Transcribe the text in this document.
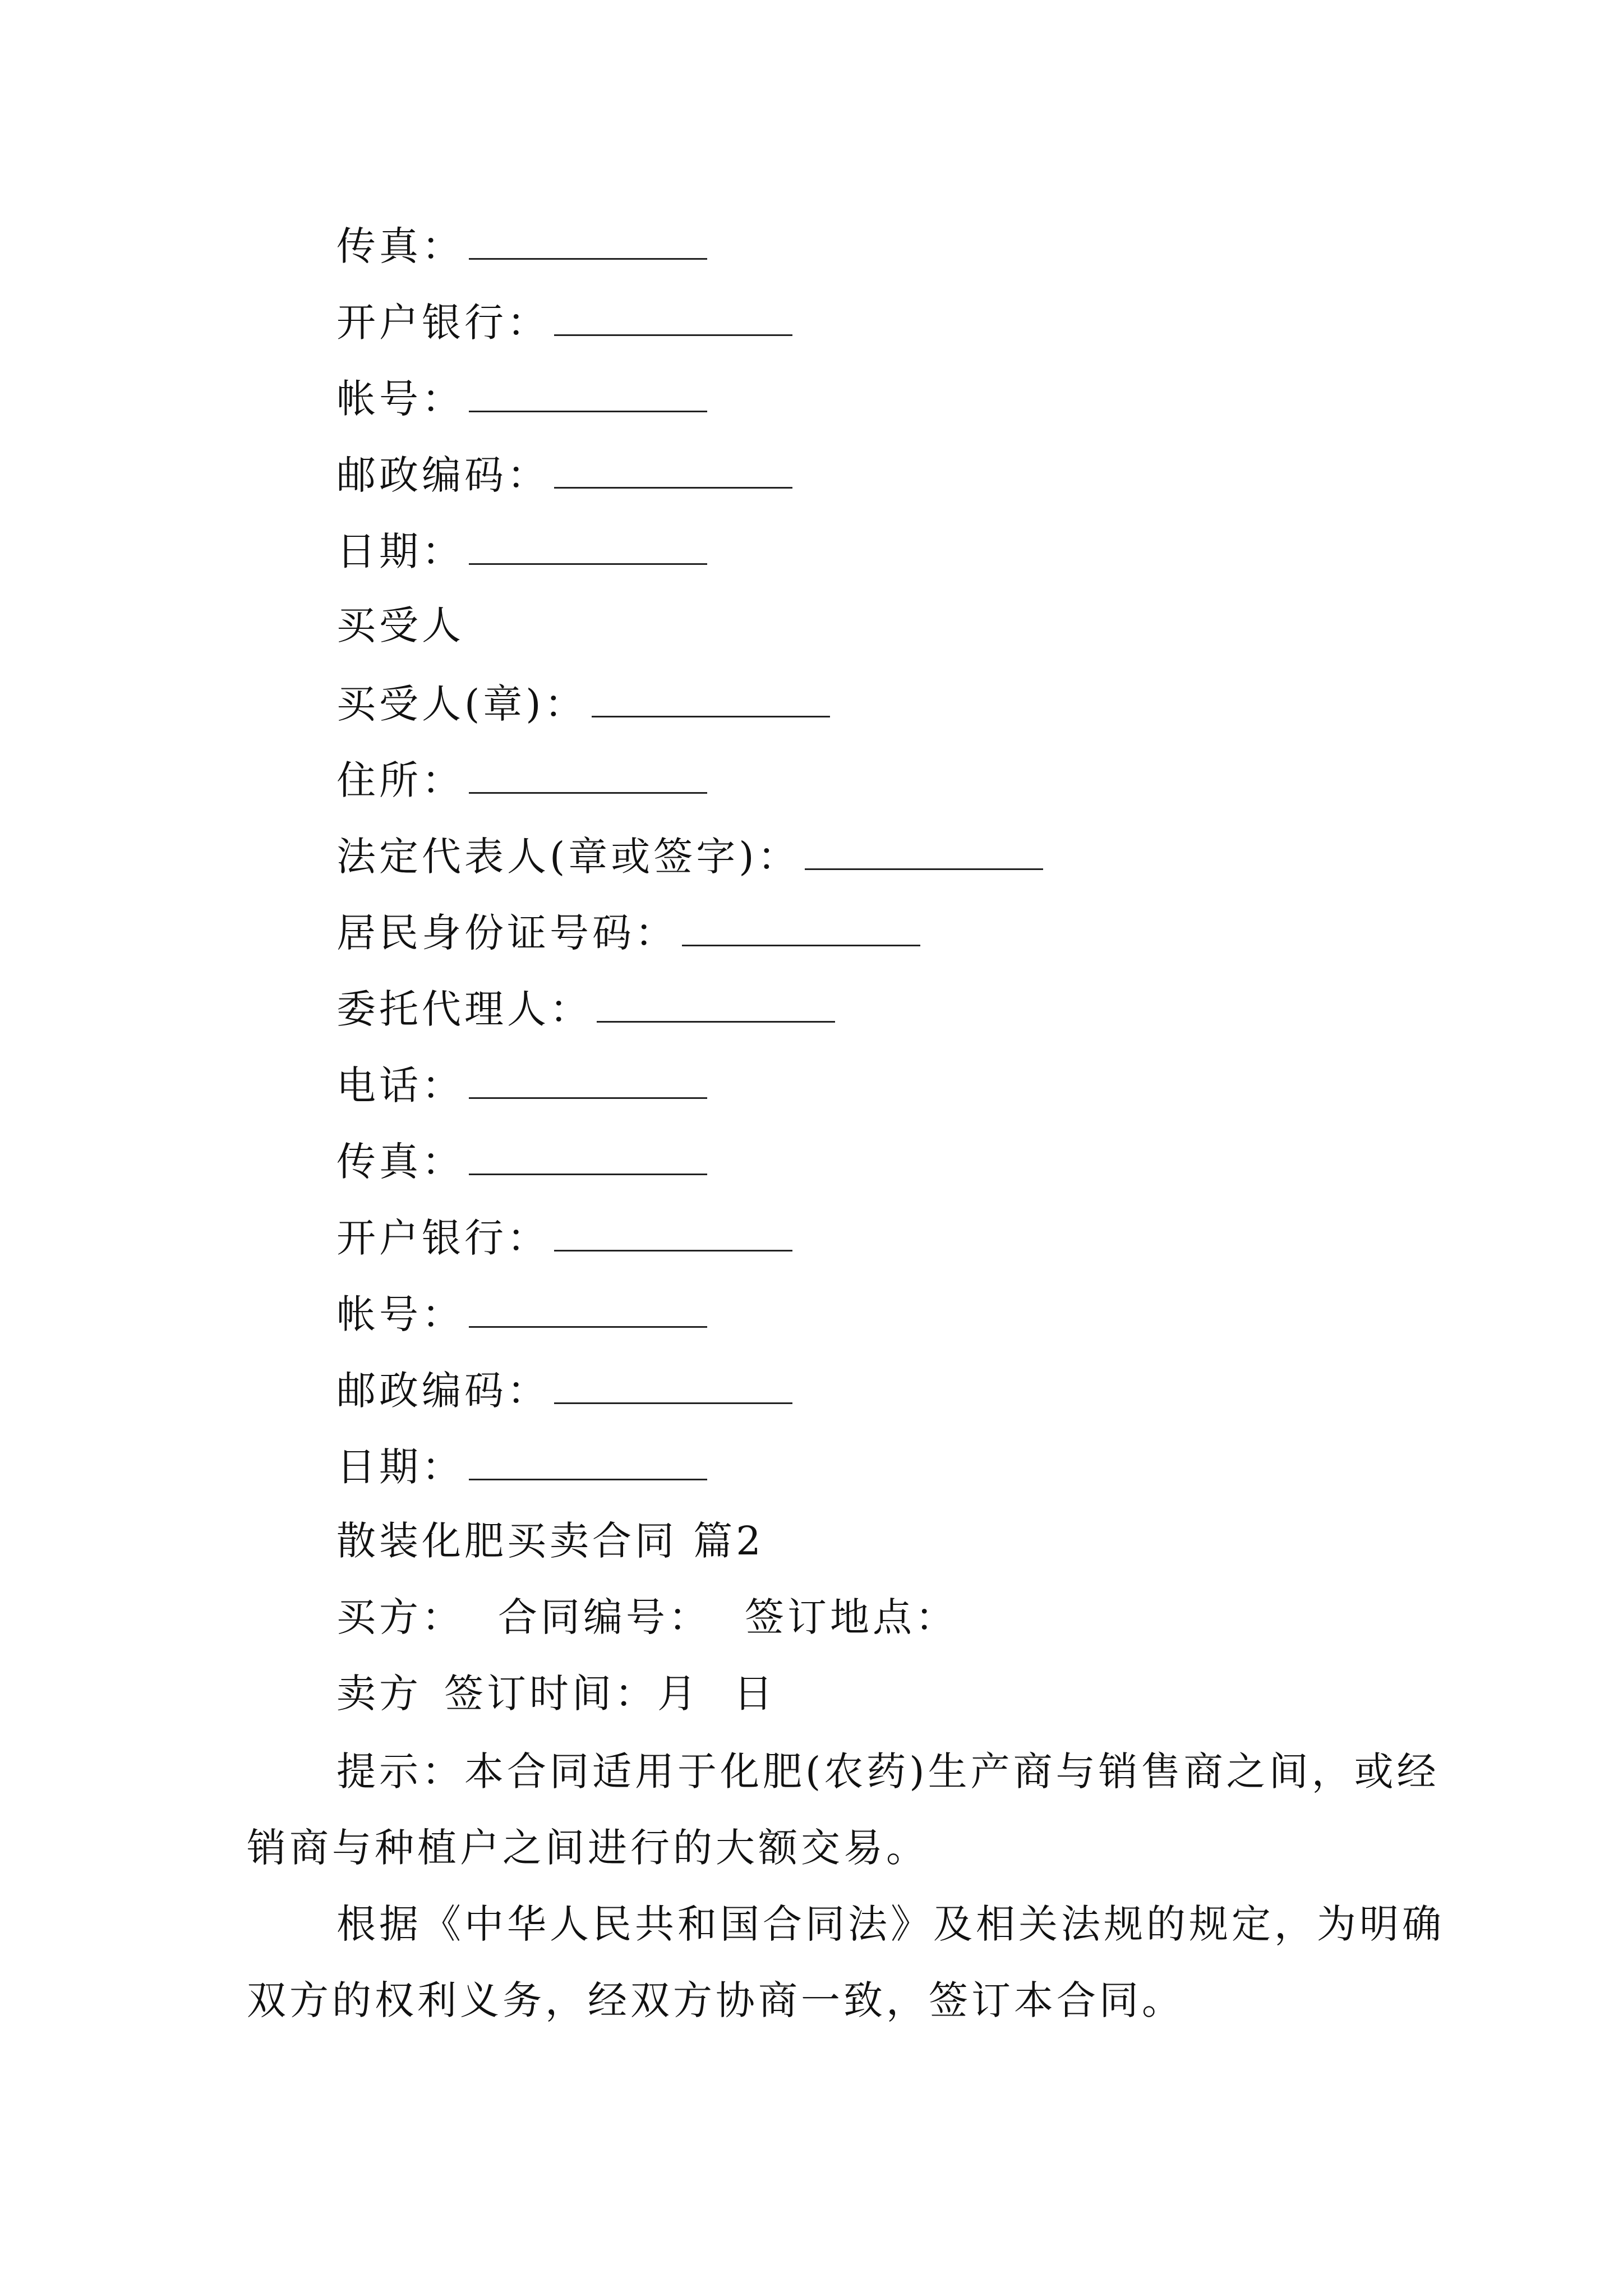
传真：
开户银行：
帐号：
邮政编码：
日期：
买受人
买受人(章)：
住所：
法定代表人(章或签字)：
居民身份证号码：
委托代理人：
电话：
传真：
开户银行：
帐号：
邮政编码：
日期：
散装化肥买卖合同 篇2
买方： 合同编号： 签订地点：
卖方 签订时间：月 日
提示：本合同适用于化肥(农药)生产商与销售商之间，或经销商与种植户之间进行的大额交易。
根据《中华人民共和国合同法》及相关法规的规定，为明确双方的权利义务，经双方协商一致，签订本合同。
